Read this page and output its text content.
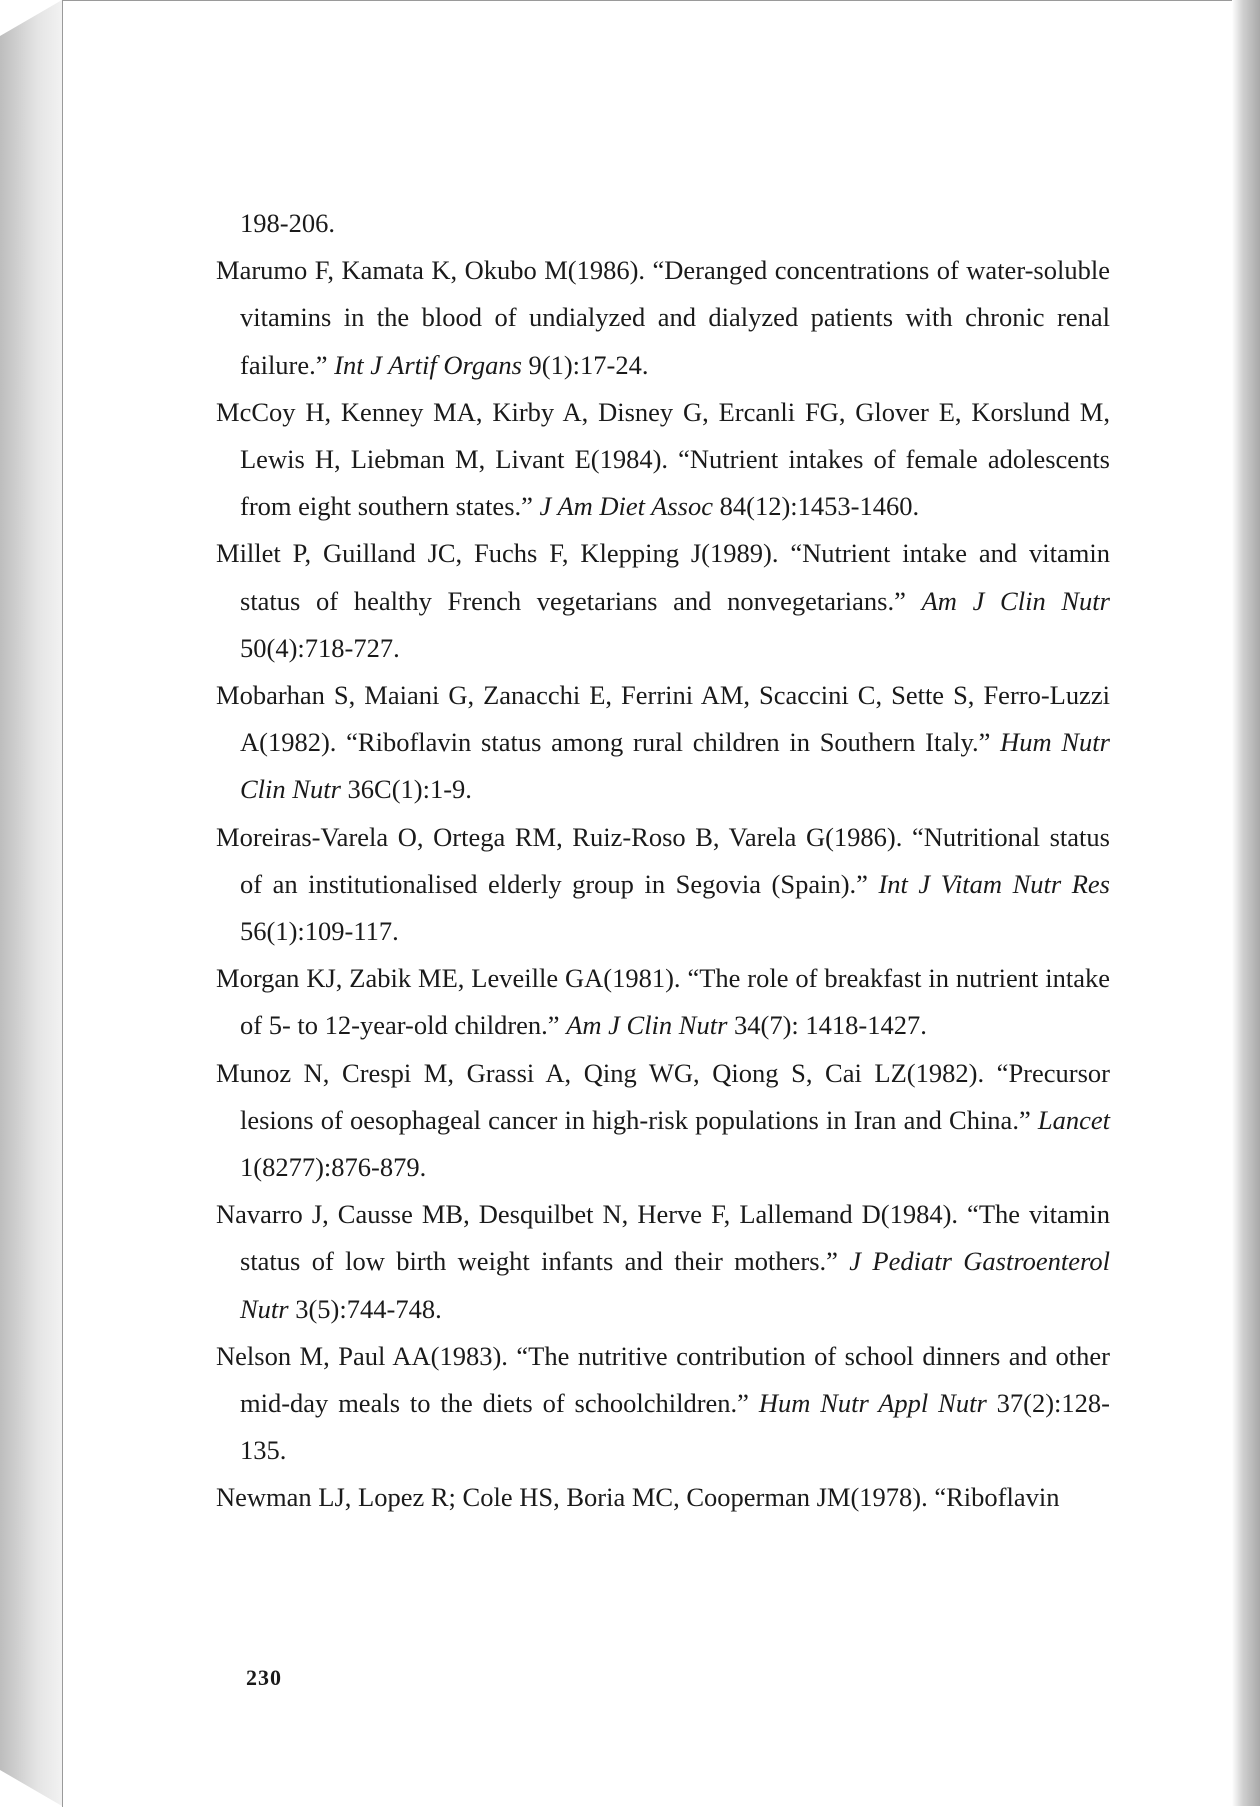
198-206.
Marumo F, Kamata K, Okubo M(1986). “Deranged concentrations of water-soluble vitamins in the blood of undialyzed and dialyzed patients with chronic renal failure.” Int J Artif Organs 9(1):17-24.
McCoy H, Kenney MA, Kirby A, Disney G, Ercanli FG, Glover E, Korslund M, Lewis H, Liebman M, Livant E(1984). “Nutrient intakes of female adolescents from eight southern states.” J Am Diet Assoc 84(12):1453-1460.
Millet P, Guilland JC, Fuchs F, Klepping J(1989). “Nutrient intake and vitamin status of healthy French vegetarians and nonvegetarians.” Am J Clin Nutr 50(4):718-727.
Mobarhan S, Maiani G, Zanacchi E, Ferrini AM, Scaccini C, Sette S, Ferro-Luzzi A(1982). “Riboflavin status among rural children in Southern Italy.” Hum Nutr Clin Nutr 36C(1):1-9.
Moreiras-Varela O, Ortega RM, Ruiz-Roso B, Varela G(1986). “Nutritional status of an institutionalised elderly group in Segovia (Spain).” Int J Vitam Nutr Res 56(1):109-117.
Morgan KJ, Zabik ME, Leveille GA(1981). “The role of breakfast in nutrient intake of 5- to 12-year-old children.” Am J Clin Nutr 34(7): 1418-1427.
Munoz N, Crespi M, Grassi A, Qing WG, Qiong S, Cai LZ(1982). “Precursor lesions of oesophageal cancer in high-risk populations in Iran and China.” Lancet 1(8277):876-879.
Navarro J, Causse MB, Desquilbet N, Herve F, Lallemand D(1984). “The vitamin status of low birth weight infants and their mothers.” J Pediatr Gastroenterol Nutr 3(5):744-748.
Nelson M, Paul AA(1983). “The nutritive contribution of school dinners and other mid-day meals to the diets of schoolchildren.” Hum Nutr Appl Nutr 37(2):128-135.
Newman LJ, Lopez R; Cole HS, Boria MC, Cooperman JM(1978). “Riboflavin
230
